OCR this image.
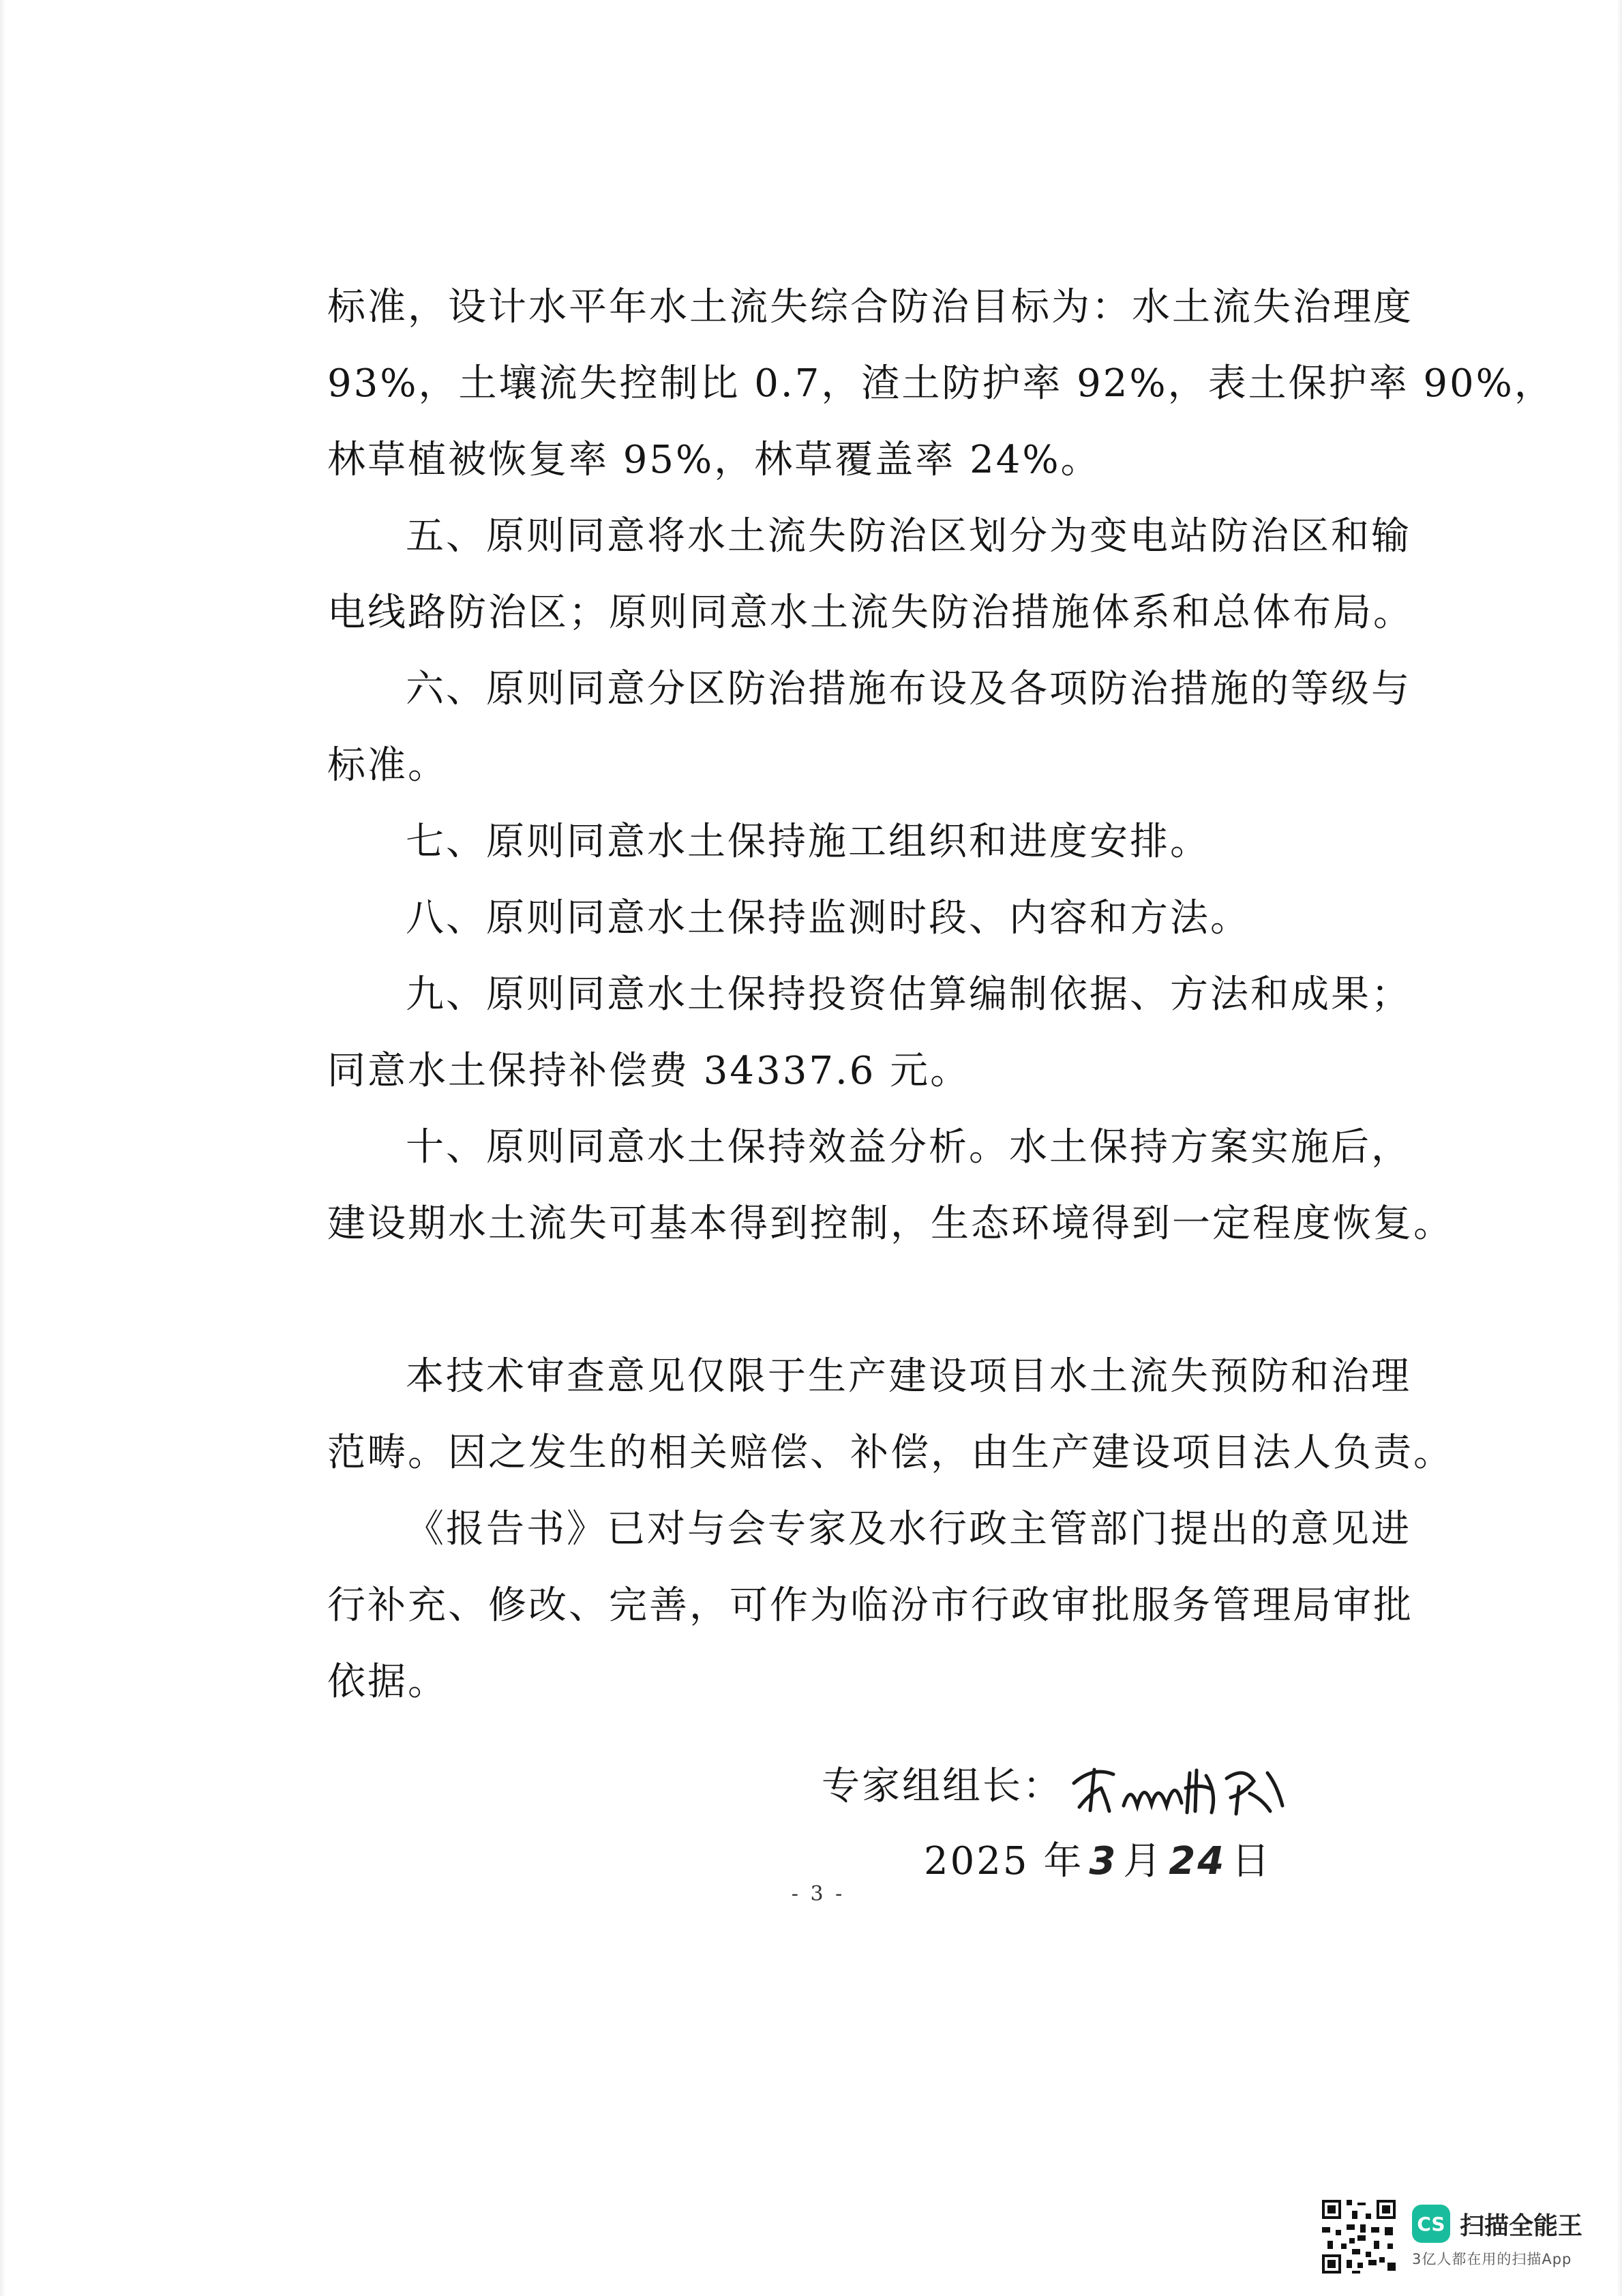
标准，设计水平年水土流失综合防治目标为：水土流失治理度
93%，土壤流失控制比 0.7，渣土防护率 92%，表土保护率 90%，
林草植被恢复率 95%，林草覆盖率 24%。
五、原则同意将水土流失防治区划分为变电站防治区和输
电线路防治区；原则同意水土流失防治措施体系和总体布局。
六、原则同意分区防治措施布设及各项防治措施的等级与
标准。
七、原则同意水土保持施工组织和进度安排。
八、原则同意水土保持监测时段、内容和方法。
九、原则同意水土保持投资估算编制依据、方法和成果；
同意水土保持补偿费 34337.6 元。
十、原则同意水土保持效益分析。水土保持方案实施后，
建设期水土流失可基本得到控制，生态环境得到一定程度恢复。
本技术审查意见仅限于生产建设项目水土流失预防和治理
范畴。因之发生的相关赔偿、补偿，由生产建设项目法人负责。
《报告书》已对与会专家及水行政主管部门提出的意见进
行补充、修改、完善，可作为临汾市行政审批服务管理局审批
依据。
专家组组长：
2025 年 3 月 24 日
- 3 -
CS 扫描全能王
3亿人都在用的扫描App
